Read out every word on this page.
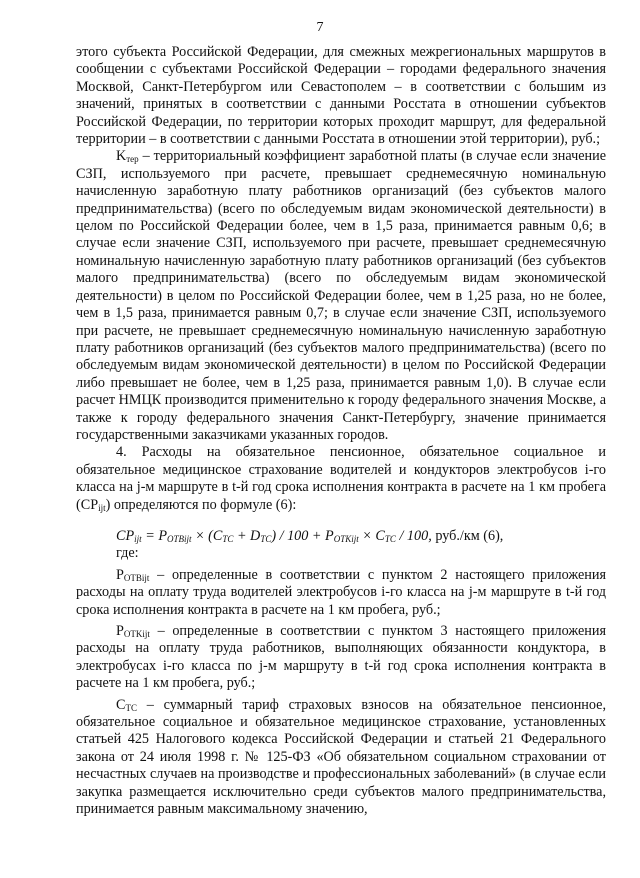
7

этого субъекта Российской Федерации, для смежных межрегиональных маршрутов в сообщении с субъектами Российской Федерации – городами федерального значения Москвой, Санкт-Петербургом или Севастополем – в соответствии с большим из значений, принятых в соответствии с данными Росстата в отношении субъектов Российской Федерации, по территории которых проходит маршрут, для федеральной территории – в соответствии с данными Росстата в отношении этой территории), руб.;

$K_{тер}$ – территориальный коэффициент заработной платы (в случае если значение СЗП, используемого при расчете, превышает среднемесячную номинальную начисленную заработную плату работников организаций (без субъектов малого предпринимательства) (всего по обследуемым видам экономической деятельности) в целом по Российской Федерации более, чем в 1,5 раза, принимается равным 0,6; в случае если значение СЗП, используемого при расчете, превышает среднемесячную номинальную начисленную заработную плату работников организаций (без субъектов малого предпринимательства) (всего по обследуемым видам экономической деятельности) в целом по Российской Федерации более, чем в 1,25 раза, но не более, чем в 1,5 раза, принимается равным 0,7; в случае если значение СЗП, используемого при расчете, не превышает среднемесячную номинальную начисленную заработную плату работников организаций (без субъектов малого предпринимательства) (всего по обследуемым видам экономической деятельности) в целом по Российской Федерации либо превышает не более, чем в 1,25 раза, принимается равным 1,0). В случае если расчет НМЦК производится применительно к городу федерального значения Москве, а также к городу федерального значения Санкт-Петербургу, значение принимается государственными заказчиками указанных городов.

4. Расходы на обязательное пенсионное, обязательное социальное и обязательное медицинское страхование водителей и кондукторов электробусов i-го класса на j-м маршруте в t-й год срока исполнения контракта в расчете на 1 км пробега $(CP_{ijt})$ определяются по формуле (6):

$CP_{ijt} = P_{OTBijt} \times (C_{TC} + D_{TC}) / 100 + P_{OTKijt} \times C_{TC} / 100$, руб./км (6),

где:

$P_{OTBijt}$ – определенные в соответствии с пунктом 2 настоящего приложения расходы на оплату труда водителей электробусов i-го класса на j-м маршруте в t-й год срока исполнения контракта в расчете на 1 км пробега, руб.;

$P_{OTKijt}$ – определенные в соответствии с пунктом 3 настоящего приложения расходы на оплату труда работников, выполняющих обязанности кондуктора, в электробусах i-го класса по j-м маршруту в t-й год срока исполнения контракта в расчете на 1 км пробега, руб.;

$C_{TC}$ – суммарный тариф страховых взносов на обязательное пенсионное, обязательное социальное и обязательное медицинское страхование, установленных статьей 425 Налогового кодекса Российской Федерации и статьей 21 Федерального закона от 24 июля 1998 г. № 125-ФЗ «Об обязательном социальном страховании от несчастных случаев на производстве и профессиональных заболеваний» (в случае если закупка размещается исключительно среди субъектов малого предпринимательства, принимается равным максимальному значению,
